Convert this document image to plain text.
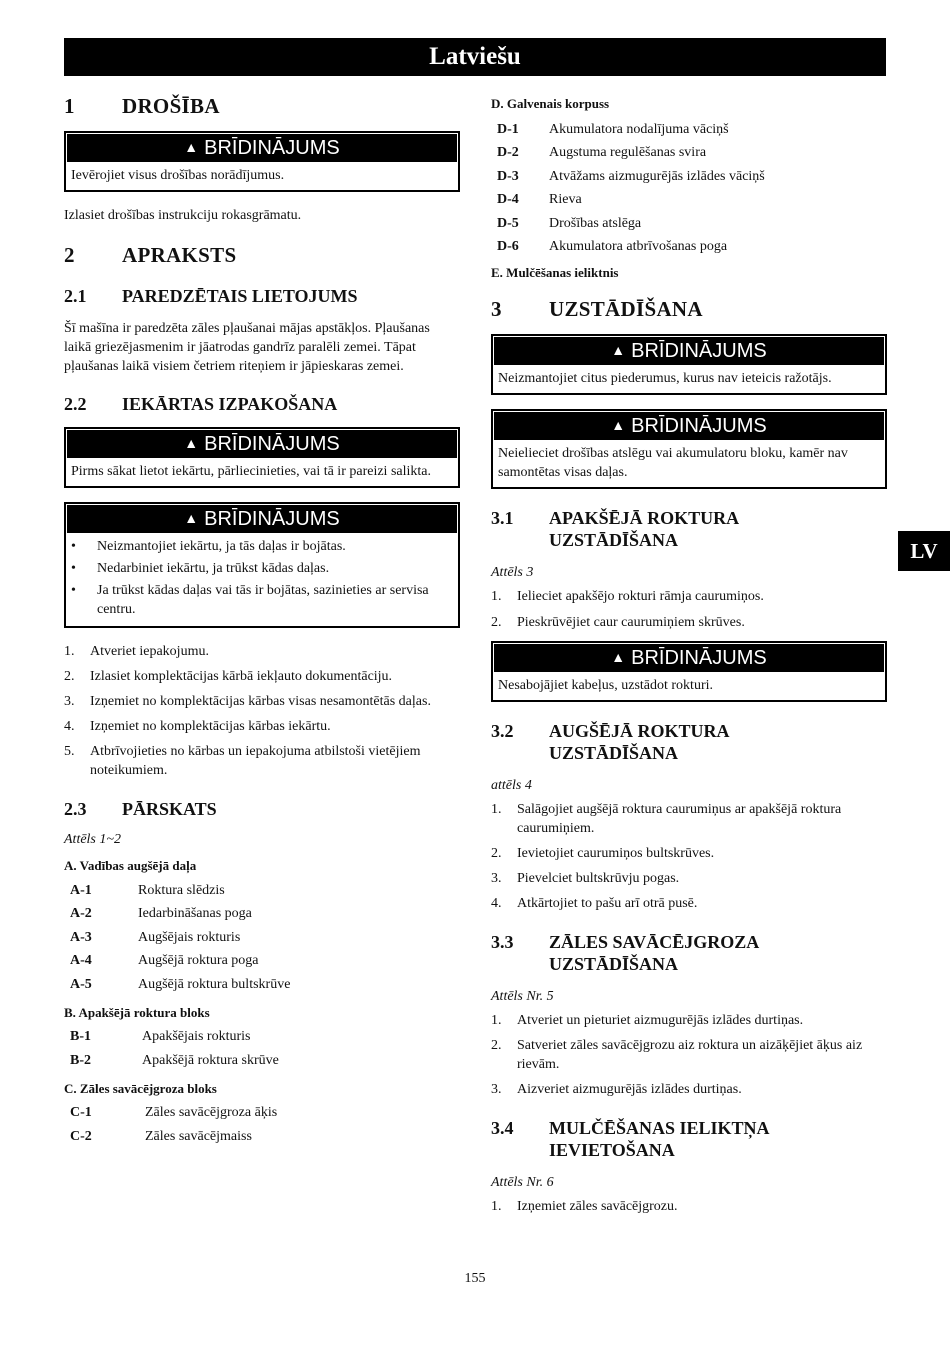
Latviešu
LV
1	DROŠĪBA
▲ BRĪDINĀJUMS
Ievērojiet visus drošības norādījumus.

Izlasiet drošības instrukciju rokasgrāmatu.

2	APRAKSTS
2.1	PAREDZĒTAIS LIETOJUMS

Šī mašīna ir paredzēta zāles pļaušanai mājas apstākļos. Pļaušanas laikā griezējasmenim ir jāatrodas gandrīz paralēli zemei. Tāpat pļaušanas laikā visiem četriem riteņiem ir jāpieskaras zemei.

2.2	IEKĀRTAS IZPAKOŠANA
▲ BRĪDINĀJUMS
Pirms sākat lietot iekārtu, pārliecinieties, vai tā ir pareizi salikta.
▲ BRĪDINĀJUMS
• Neizmantojiet iekārtu, ja tās daļas ir bojātas.
• Nedarbiniet iekārtu, ja trūkst kādas daļas.
• Ja trūkst kādas daļas vai tās ir bojātas, sazinieties ar servisa centru.
1. Atveriet iepakojumu.
2. Izlasiet komplektācijas kārbā iekļauto dokumentāciju.
3. Izņemiet no komplektācijas kārbas visas nesamontētās daļas.
4. Izņemiet no komplektācijas kārbas iekārtu.
5. Atbrīvojieties no kārbas un iepakojuma atbilstoši vietējiem noteikumiem.
2.3	PĀRSKATS

Attēls 1~2

A. Vadības augšējā daļa

A-1	Roktura slēdzis
A-2	Iedarbināšanas poga
A-3	Augšējais rokturis
A-4	Augšējā roktura poga
A-5	Augšējā roktura bultskrūve

B. Apakšējā roktura bloks

B-1	Apakšējais rokturis
B-2	Apakšējā roktura skrūve

C. Zāles savācējgroza bloks

C-1	Zāles savācējgroza āķis
C-2	Zāles savācējmaiss

D. Galvenais korpuss

D-1	Akumulatora nodalījuma vāciņš
D-2	Augstuma regulēšanas svira
D-3	Atvāžams aizmugurējās izlādes vāciņš
D-4	Rieva
D-5	Drošības atslēga
D-6	Akumulatora atbrīvošanas poga

E. Mulčēšanas ieliktnis

3	UZSTĀDĪŠANA
▲ BRĪDINĀJUMS
Neizmantojiet citus piederumus, kurus nav ieteicis ražotājs.
▲ BRĪDINĀJUMS
Neielieciet drošības atslēgu vai akumulatoru bloku, kamēr nav samontētas visas daļas.
3.1	APAKŠĒJĀ ROKTURA
UZSTĀDĪŠANA

Attēls 3

1. Ielieciet apakšējo rokturi rāmja caurumiņos.
2. Pieskrūvējiet caur caurumiņiem skrūves.
▲ BRĪDINĀJUMS
Nesabojājiet kabeļus, uzstādot rokturi.
3.2	AUGŠĒJĀ ROKTURA
UZSTĀDĪŠANA

attēls 4

1. Salāgojiet augšējā roktura caurumiņus ar apakšējā roktura caurumiņiem.
2. Ievietojiet caurumiņos bultskrūves.
3. Pievelciet bultskrūvju pogas.
4. Atkārtojiet to pašu arī otrā pusē.
3.3	ZĀLES SAVĀCĒJGROZA
UZSTĀDĪŠANA

Attēls Nr. 5

1. Atveriet un pieturiet aizmugurējās izlādes durtiņas.
2. Satveriet zāles savācējgrozu aiz roktura un aizāķējiet āķus aiz rievām.
3. Aizveriet aizmugurējās izlādes durtiņas.
3.4	MULČĒŠANAS IELIKTŅA
IEVIETOŠANA

Attēls Nr. 6

1. Izņemiet zāles savācējgrozu.
155
